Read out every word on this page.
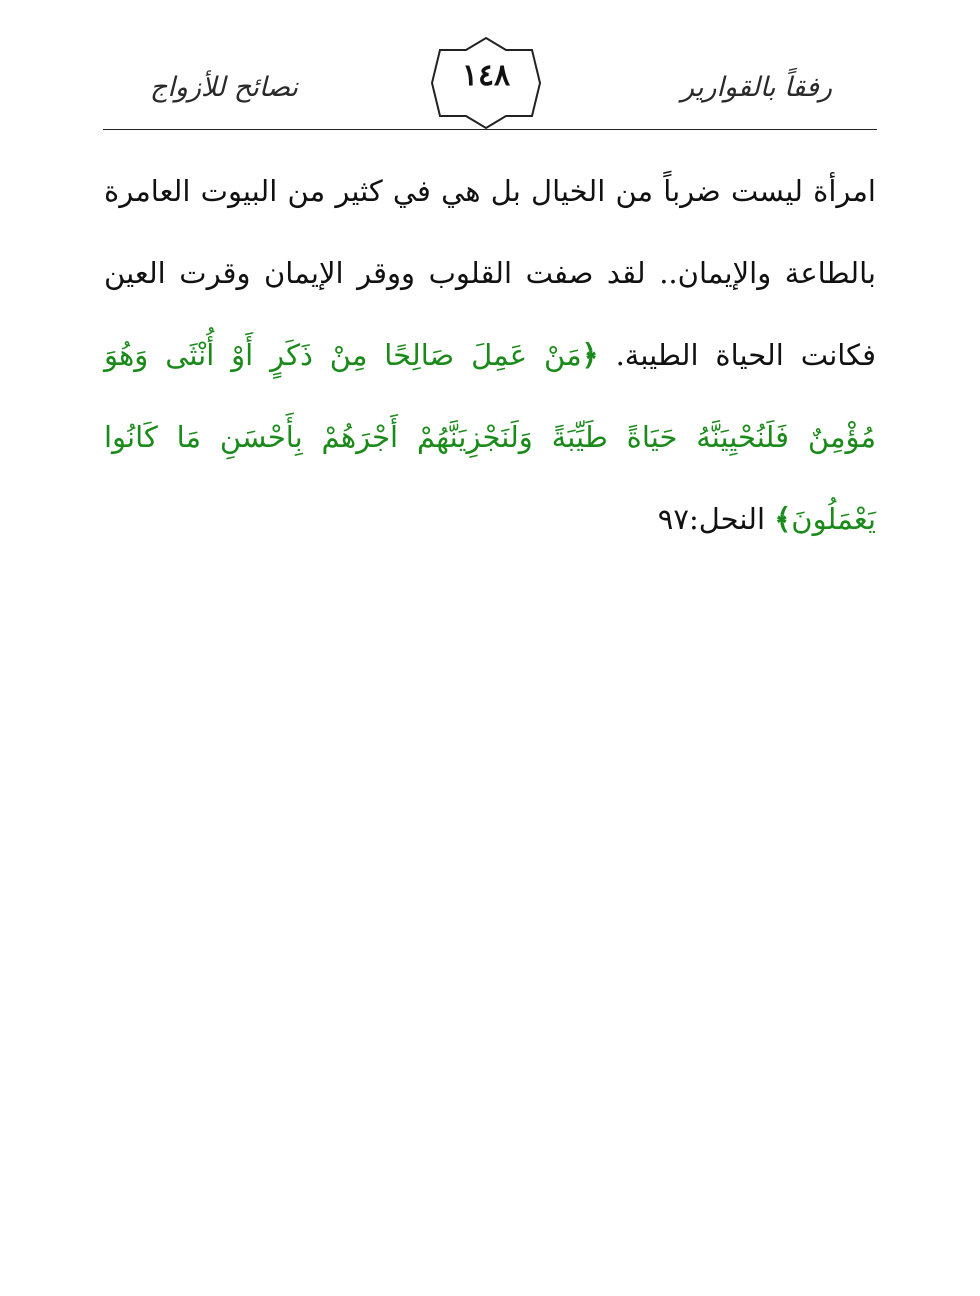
رفقاً بالقوارير
١٤٨
نصائح للأزواج
امرأة ليست ضرباً من الخيال بل هي في كثير من البيوت العامرة بالطاعة والإيمان.. لقد صفت القلوب ووقر الإيمان وقرت العين فكانت الحياة الطيبة. ﴿مَنْ عَمِلَ صَالِحًا مِنْ ذَكَرٍ أَوْ أُنْثَى وَهُوَ مُؤْمِنٌ فَلَنُحْيِيَنَّهُ حَيَاةً طَيِّبَةً وَلَنَجْزِيَنَّهُمْ أَجْرَهُمْ بِأَحْسَنِ مَا كَانُوا يَعْمَلُونَ﴾ النحل:٩٧
